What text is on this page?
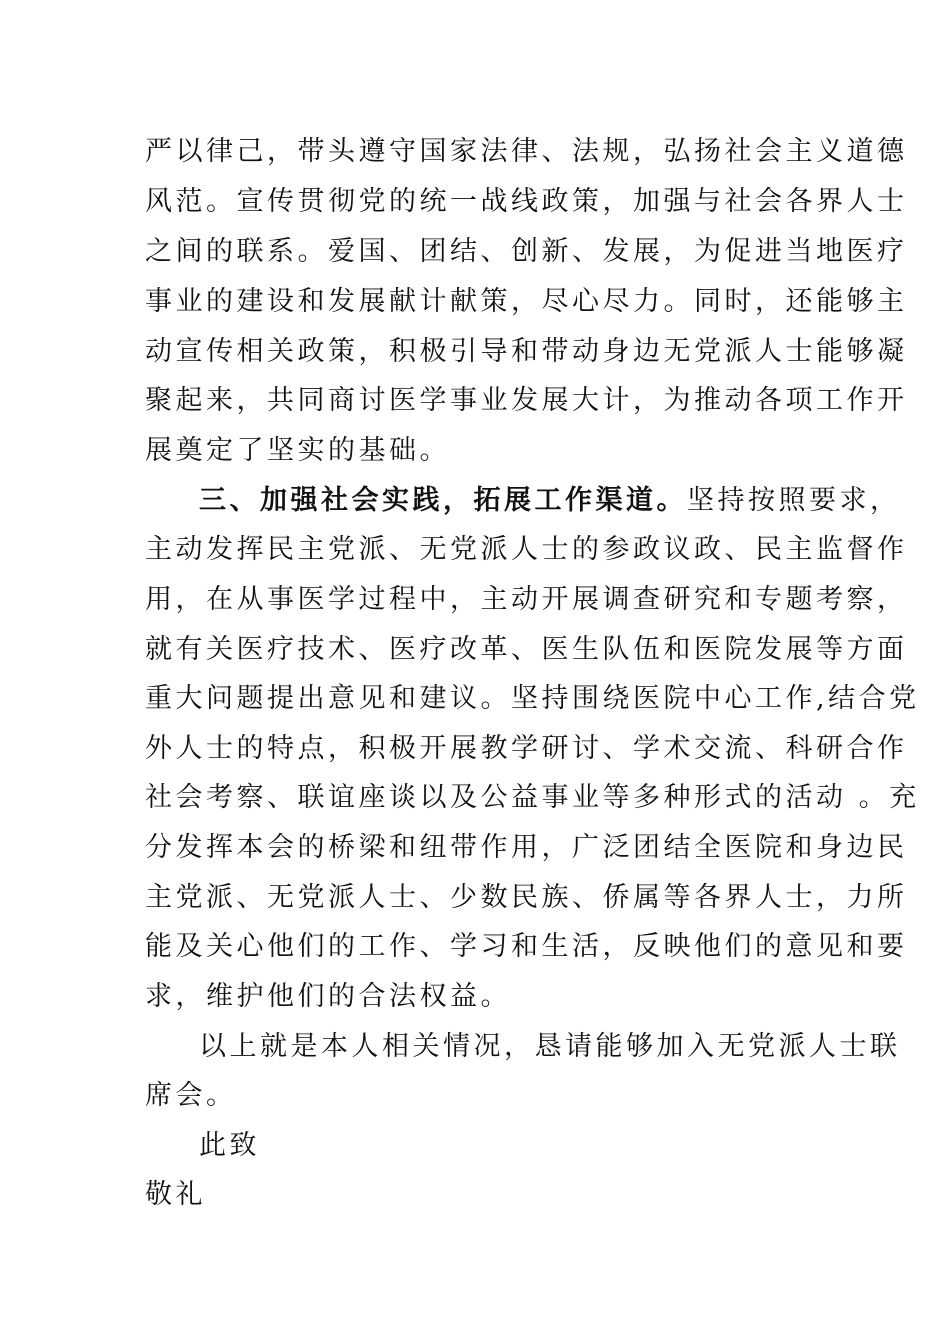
严以律己，带头遵守国家法律、法规，弘扬社会主义道德
风范。宣传贯彻党的统一战线政策，加强与社会各界人士
之间的联系。爱国、团结、创新、发展，为促进当地医疗
事业的建设和发展献计献策，尽心尽力。同时，还能够主
动宣传相关政策，积极引导和带动身边无党派人士能够凝
聚起来，共同商讨医学事业发展大计，为推动各项工作开
展奠定了坚实的基础。
三、加强社会实践，拓展工作渠道。坚持按照要求，
主动发挥民主党派、无党派人士的参政议政、民主监督作
用，在从事医学过程中，主动开展调查研究和专题考察，
就有关医疗技术、医疗改革、医生队伍和医院发展等方面
重大问题提出意见和建议。坚持围绕医院中心工作,结合党
外人士的特点，积极开展教学研讨、学术交流、科研合作
社会考察、联谊座谈以及公益事业等多种形式的活动 。充
分发挥本会的桥梁和纽带作用，广泛团结全医院和身边民
主党派、无党派人士、少数民族、侨属等各界人士，力所
能及关心他们的工作、学习和生活，反映他们的意见和要
求，维护他们的合法权益。
以上就是本人相关情况，恳请能够加入无党派人士联
席会。
此致
敬礼
